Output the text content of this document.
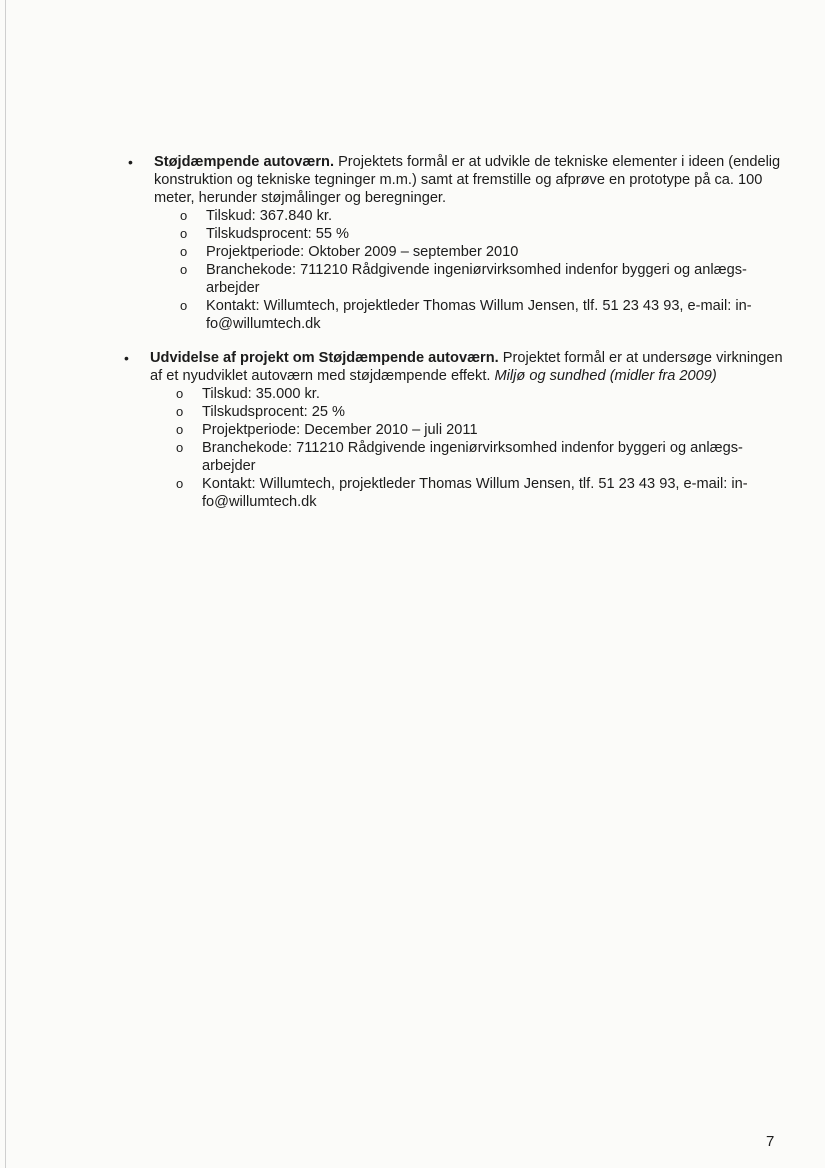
•	Støjdæmpende autoværn. Projektets formål er at udvikle de tekniske elementer i ideen (endelig konstruktion og tekniske tegninger m.m.) samt at fremstille og afprøve en prototype på ca. 100 meter, herunder støjmålinger og beregninger.

o Tilskud: 367.840 kr.
o Tilskudsprocent: 55 %
o Projektperiode: Oktober 2009 – september 2010
o Branchekode: 711210 Rådgivende ingeniørvirksomhed indenfor byggeri og anlægs-arbejder
o Kontakt: Willumtech, projektleder Thomas Willum Jensen, tlf. 51 23 43 93, e-mail: in-fo@willumtech.dk
•	Udvidelse af projekt om Støjdæmpende autoværn. Projektet formål er at undersøge virkningen af et nyudviklet autoværn med støjdæmpende effekt. Miljø og sundhed (midler fra 2009)

o Tilskud: 35.000 kr.
o Tilskudsprocent: 25 %
o Projektperiode: December 2010 – juli 2011
o Branchekode: 711210 Rådgivende ingeniørvirksomhed indenfor byggeri og anlægs-arbejder
o Kontakt: Willumtech, projektleder Thomas Willum Jensen, tlf. 51 23 43 93, e-mail: in-fo@willumtech.dk
7
